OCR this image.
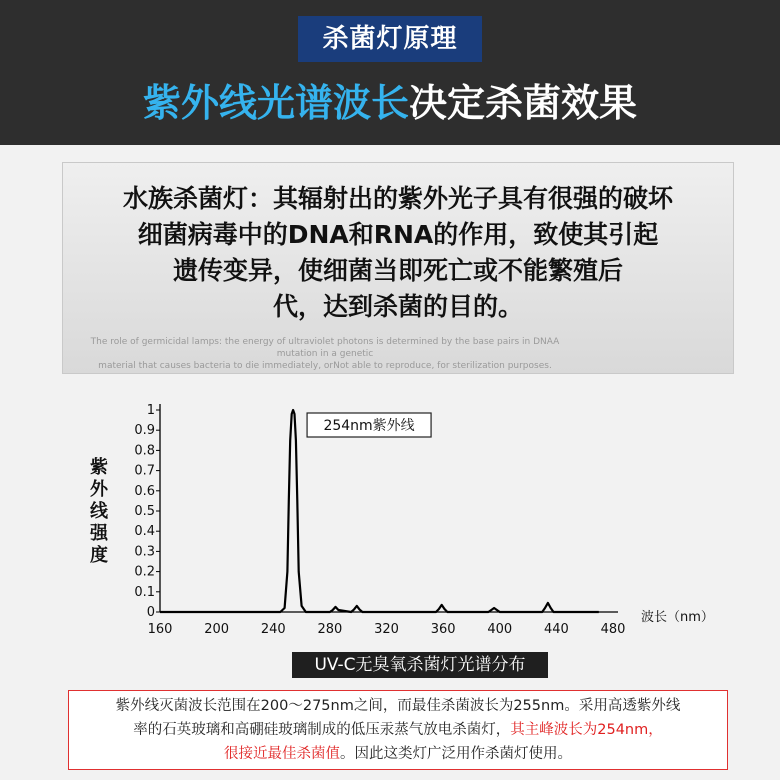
杀菌灯原理
紫外线光谱波长决定杀菌效果
水族杀菌灯：其辐射出的紫外光子具有很强的破坏
细菌病毒中的DNA和RNA的作用，致使其引起
遗传变异，使细菌当即死亡或不能繁殖后
代，达到杀菌的目的。
The role of germicidal lamps: the energy of ultraviolet photons is determined by the base pairs in DNAA mutation in a genetic
material that causes bacteria to die immediately, orNot able to reproduce, for sterilization purposes.
0
0.1
0.2
0.3
0.4
0.5
0.6
0.7
0.8
0.9
1
160 200 240 280 320 360 400 440 480
紫
外
线
强
度
波长（nm）
254nm紫外线
UV-C无臭氧杀菌灯光谱分布
紫外线灭菌波长范围在200～275nm之间，而最佳杀菌波长为255nm。采用高透紫外线
率的石英玻璃和高硼硅玻璃制成的低压汞蒸气放电杀菌灯，其主峰波长为254nm，
很接近最佳杀菌值。因此这类灯广泛用作杀菌灯使用。
